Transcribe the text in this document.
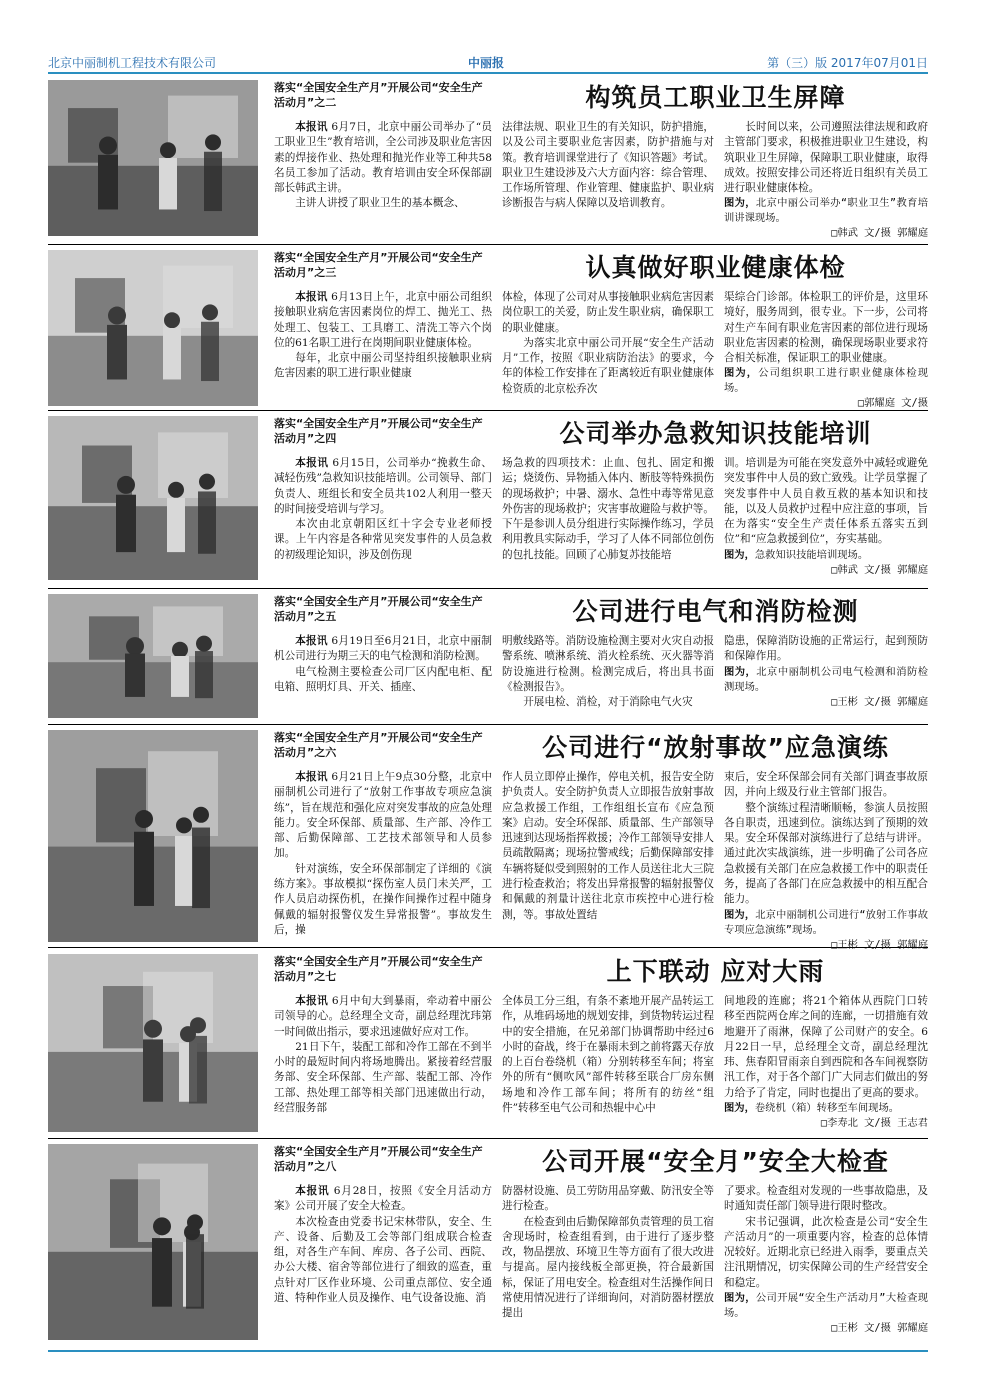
北京中丽制机工程技术有限公司	中丽报	第（三）版 2017年07月01日
落实“全国安全生产月”开展公司“安全生产活动月”之二	构筑员工职业卫生屏障

本报讯 6月7日，北京中丽公司举办了“员工职业卫生”教育培训，全公司涉及职业危害因素的焊接作业、热处理和抛光作业等工种共58名员工参加了活动。教育培训由安全环保部副部长韩武主讲。

主讲人讲授了职业卫生的基本概念、

法律法规、职业卫生的有关知识，防护措施，以及公司主要职业危害因素，防护措施与对策。教育培训课堂进行了《知识答题》考试。职业卫生建设涉及六大方面内容：综合管理、工作场所管理、作业管理、健康监护、职业病诊断报告与病人保障以及培训教育。

长时间以来，公司遵照法律法规和政府主管部门要求，积极推进职业卫生建设，构筑职业卫生屏障，保障职工职业健康，取得成效。按照安排公司还将近日组织有关员工进行职业健康体检。

图为，北京中丽公司举办“职业卫生”教育培训讲课现场。
□韩武 文/摄 郭耀庭
落实“全国安全生产月”开展公司“安全生产活动月”之三	认真做好职业健康体检

本报讯 6月13日上午，北京中丽公司组织接触职业病危害因素岗位的焊工、抛光工、热处理工、包装工、工具磨工、清洗工等六个岗位的61名职工进行在岗期间职业健康体检。

每年，北京中丽公司坚持组织接触职业病危害因素的职工进行职业健康

体检，体现了公司对从事接触职业病危害因素岗位职工的关爱，防止发生职业病，确保职工的职业健康。

为落实北京中丽公司开展“安全生产活动月”工作，按照《职业病防治法》的要求，今年的体检工作安排在了距离较近有职业健康体检资质的北京松乔次

渠综合门诊部。体检职工的评价是，这里环境好，服务周到，很专业。下一步，公司将对生产车间有职业危害因素的部位进行现场职业危害因素的检测，确保现场职业要求符合相关标准，保证职工的职业健康。

图为，公司组织职工进行职业健康体检现场。
□郭耀庭 文/摄
落实“全国安全生产月”开展公司“安全生产活动月”之四	公司举办急救知识技能培训

本报讯 6月15日，公司举办“挽救生命、减轻伤残”急救知识技能培训。公司领导、部门负责人、班组长和安全员共102人利用一整天的时间接受培训与学习。

本次由北京朝阳区红十字会专业老师授课。上午内容是各种常见突发事件的人员急救的初级理论知识，涉及创伤现

场急救的四项技术：止血、包扎、固定和搬运；烧烫伤、异物插入体内、断肢等特殊损伤的现场救护；中暑、溺水、急性中毒等常见意外伤害的现场救护；灾害事故避险与救护等。下午是参训人员分组进行实际操作练习，学员利用教具实际动手，学习了人体不同部位创伤的包扎技能。回顾了心肺复苏技能培

训。培训是为可能在突发意外中减轻或避免突发事件中人员的致亡致残。让学员掌握了突发事件中人员自救互救的基本知识和技能，以及人员救护过程中应注意的事项，旨在为落实“安全生产责任体系五落实五到位”和“应急救援到位”，夯实基础。

图为，急救知识技能培训现场。
□韩武 文/摄 郭耀庭
落实“全国安全生产月”开展公司“安全生产活动月”之五	公司进行电气和消防检测

本报讯 6月19日至6月21日，北京中丽制机公司进行为期三天的电气检测和消防检测。

电气检测主要检查公司厂区内配电柜、配电箱、照明灯具、开关、插座、

明敷线路等。消防设施检测主要对火灾自动报警系统、喷淋系统、消火栓系统、灭火器等消防设施进行检测。检测完成后，将出具书面《检测报告》。

开展电检、消检，对于消除电气火灾

隐患，保障消防设施的正常运行，起到预防和保障作用。

图为，北京中丽制机公司电气检测和消防检测现场。
□王彬 文/摄 郭耀庭
落实“全国安全生产月”开展公司“安全生产活动月”之六	公司进行“放射事故”应急演练

本报讯 6月21日上午9点30分整，北京中丽制机公司进行了“放射工作事故专项应急演练”，旨在规范和强化应对突发事故的应急处理能力。安全环保部、质量部、生产部、冷作工部、后勤保障部、工艺技术部领导和人员参加。

针对演练，安全环保部制定了详细的《演练方案》。事故模拟“探伤室人员门未关严，工作人员启动探伤机，在操作间操作过程中随身佩戴的辐射报警仪发生异常报警”。事故发生后，操

作人员立即停止操作，停电关机，报告安全防护负责人。安全防护负责人立即报告放射事故应急救援工作组，工作组组长宣布《应急预案》启动。安全环保部、质量部、生产部领导迅速到达现场指挥救援；冷作工部领导安排人员疏散隔离；现场拉警戒线；后勤保障部安排车辆将疑似受到照射的工作人员送往北大三院进行检查救治；将发出异常报警的辐射报警仪和佩戴的剂量计送往北京市疾控中心进行检测，等。事故处置结

束后，安全环保部会同有关部门调查事故原因，并向上级及行业主管部门报告。

整个演练过程清晰顺畅，参演人员按照各自职责，迅速到位。演练达到了预期的效果。安全环保部对演练进行了总结与讲评。通过此次实战演练，进一步明确了公司各应急救援有关部门在应急救援工作中的职责任务，提高了各部门在应急救援中的相互配合能力。

图为，北京中丽制机公司进行“放射工作事故专项应急演练”现场。
□王彬 文/摄 郭耀庭
落实“全国安全生产月”开展公司“安全生产活动月”之七	上下联动 应对大雨

本报讯 6月中旬大到暴雨，牵动着中丽公司领导的心。总经理全文奇，副总经理沈玮第一时间做出指示，要求迅速做好应对工作。

21日下午，装配工部和冷作工部在不到半小时的最短时间内将场地腾出。紧接着经营服务部、安全环保部、生产部、装配工部、冷作工部、热处理工部等相关部门迅速做出行动，经营服务部

全体员工分三组，有条不紊地开展产品转运工作，从堆码场地的规划安排，到货物转运过程中的安全措施，在兄弟部门协调帮助中经过6小时的奋战，终于在暴雨未到之前将露天存放的上百台卷绕机（箱）分别转移至车间；将室外的所有“侧吹风”部件转移至联合厂房东侧场地和冷作工部车间；将所有的纺丝“组件”转移至电气公司和热辊中心中

间地段的连廊；将21个箱体从西院门口转移至西院两仓库之间的连廊，一切措施有效地避开了雨淋，保障了公司财产的安全。6月22日一早，总经理全文奇，副总经理沈玮、焦春阳冒雨亲自到西院和各车间视察防汛工作，对于各个部门广大同志们做出的努力给予了肯定，同时也提出了更高的要求。

图为，卷绕机（箱）转移至车间现场。
□李寿北 文/摄 王志君
落实“全国安全生产月”开展公司“安全生产活动月”之八	公司开展“安全月”安全大检查

本报讯 6月28日，按照《安全月活动方案》公司开展了安全大检查。

本次检查由党委书记宋林带队，安全、生产、设备、后勤及工会等部门组成联合检查组，对各生产车间、库房、各子公司、西院、办公大楼、宿舍等部位进行了细致的巡查，重点针对厂区作业环境、公司重点部位、安全通道、特种作业人员及操作、电气设备设施、消

防器材设施、员工劳防用品穿戴、防汛安全等进行检查。

在检查到由后勤保障部负责管理的员工宿舍现场时，检查组看到，由于进行了逐步整改，物品摆放、环境卫生等方面有了很大改进与提高。屋内接线板全部更换，符合最新国标，保证了用电安全。检查组对生活操作间日常使用情况进行了详细询问，对消防器材摆放提出

了要求。检查组对发现的一些事故隐患，及时通知责任部门领导进行限时整改。

宋书记强调，此次检查是公司“安全生产活动月”的一项重要内容，检查的总体情况较好。近期北京已经进入雨季，要重点关注汛期情况，切实保障公司的生产经营安全和稳定。

图为，公司开展“安全生产活动月”大检查现场。
□王彬 文/摄 郭耀庭
